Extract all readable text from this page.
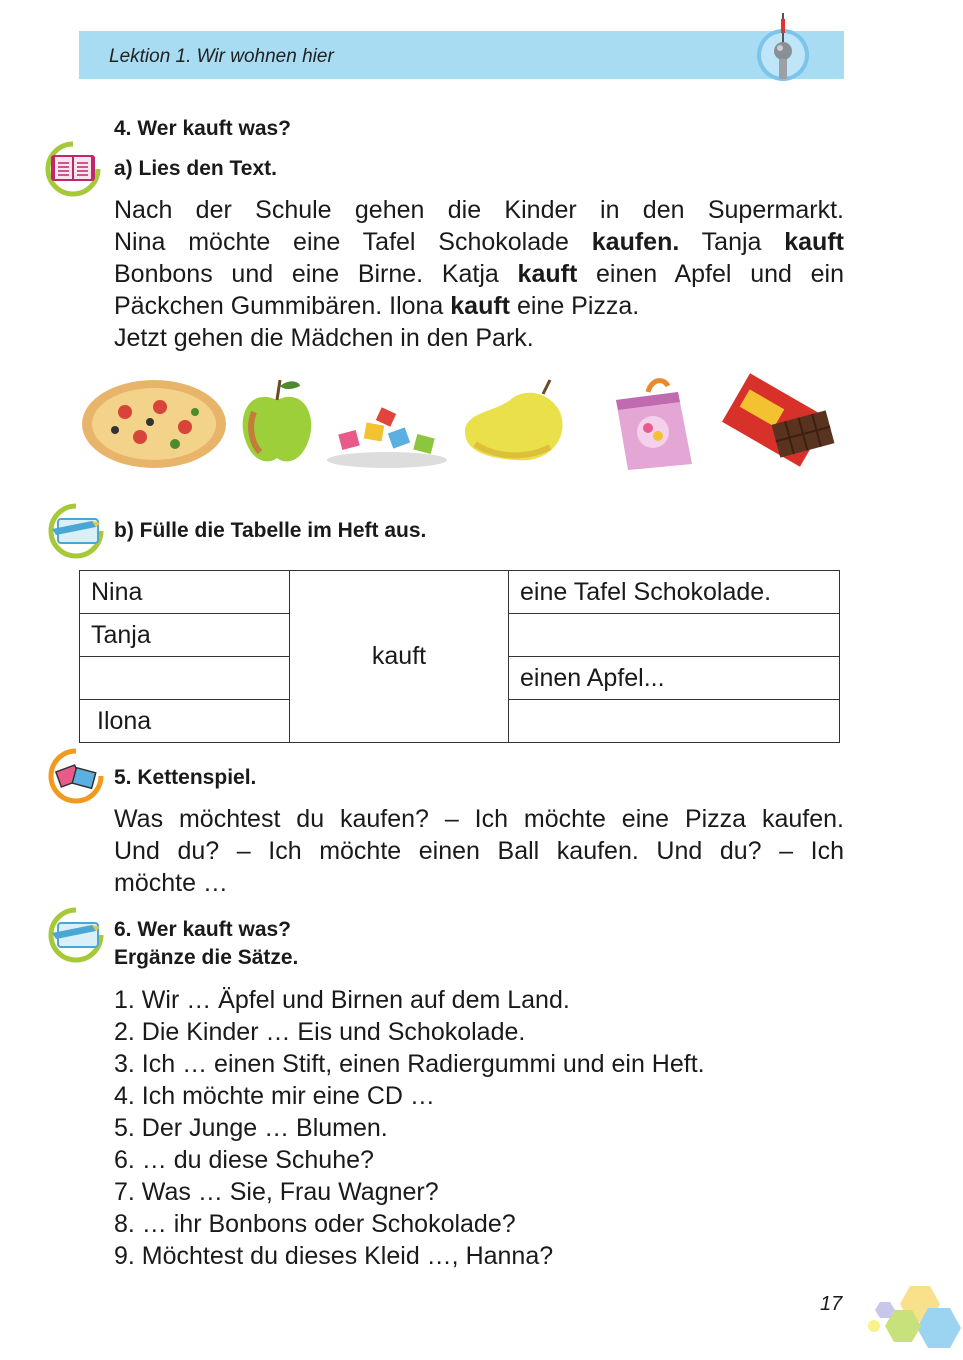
Lektion 1. Wir wohnen hier
4. Wer kauft was?
a) Lies den Text.
Nach der Schule gehen die Kinder in den Supermarkt.
Nina möchte eine Tafel Schokolade kaufen. Tanja kauft
Bonbons und eine Birne. Katja kauft einen Apfel und ein
Päckchen Gummibären. Ilona kauft eine Pizza.
Jetzt gehen die Mädchen in den Park.
b) Fülle die Tabelle im Heft aus.
Nina	kauft	eine Tafel Schokolade.
Tanja		
		einen Apfel...
Ilona		
5. Kettenspiel.
Was möchtest du kaufen? – Ich möchte eine Pizza kaufen.
Und du? – Ich möchte einen Ball kaufen. Und du? – Ich
möchte …
6. Wer kauft was?
Ergänze die Sätze.
1. Wir … Äpfel und Birnen auf dem Land.
2. Die Kinder … Eis und Schokolade.
3. Ich … einen Stift, einen Radiergummi und ein Heft.
4. Ich möchte mir eine CD …
5. Der Junge … Blumen.
6. … du diese Schuhe?
7. Was … Sie, Frau Wagner?
8. … ihr Bonbons oder Schokolade?
9. Möchtest du dieses Kleid …, Hanna?
17
